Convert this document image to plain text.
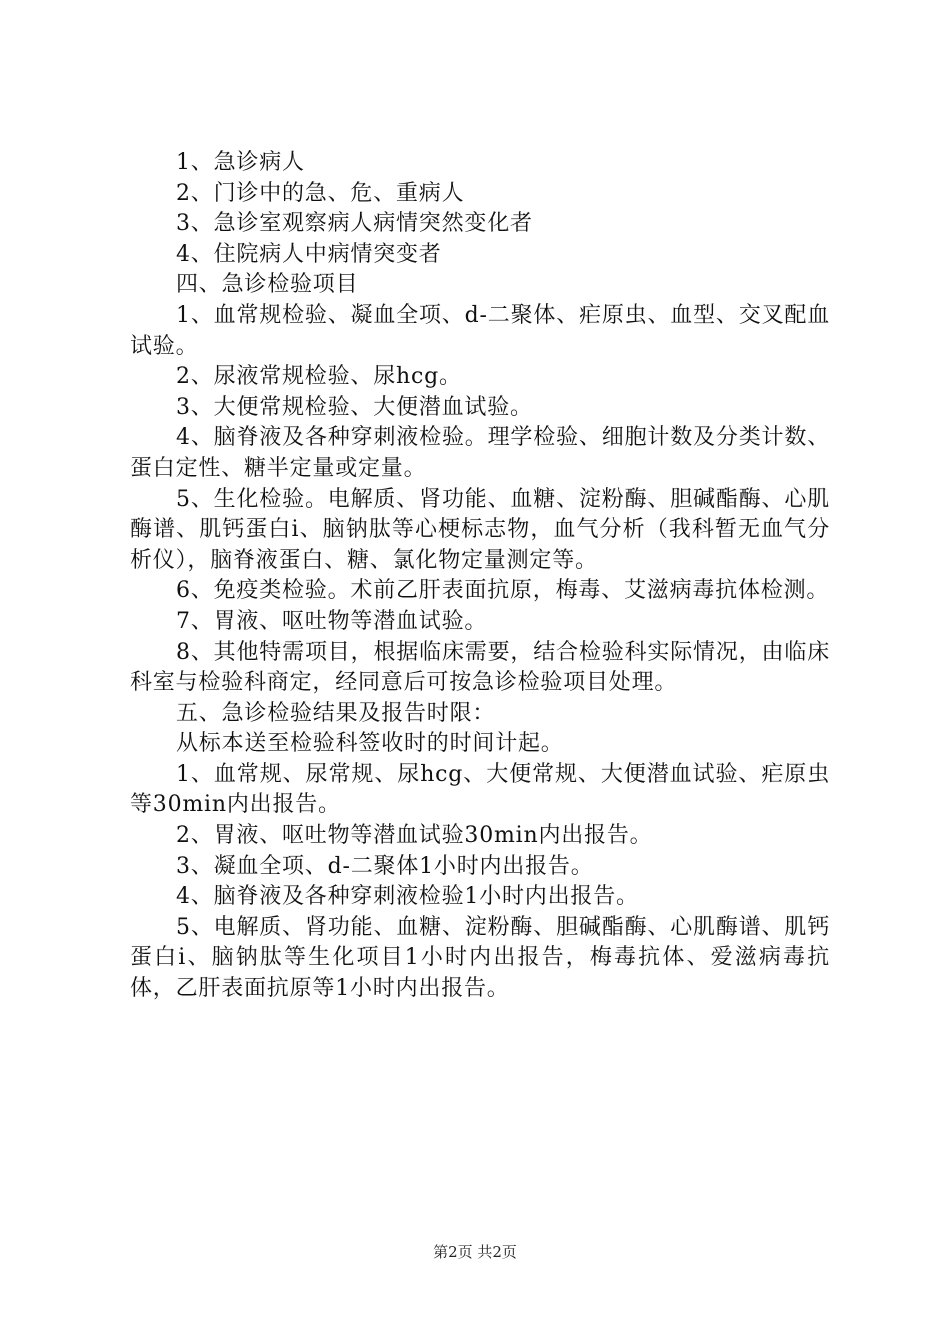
1、急诊病人

2、门诊中的急、危、重病人

3、急诊室观察病人病情突然变化者

4、住院病人中病情突变者

四、急诊检验项目

1、血常规检验、凝血全项、d-二聚体、疟原虫、血型、交叉配血试验。

2、尿液常规检验、尿hcg。

3、大便常规检验、大便潜血试验。

4、脑脊液及各种穿刺液检验。理学检验、细胞计数及分类计数、蛋白定性、糖半定量或定量。

5、生化检验。电解质、肾功能、血糖、淀粉酶、胆碱酯酶、心肌酶谱、肌钙蛋白i、脑钠肽等心梗标志物，血气分析（我科暂无血气分析仪），脑脊液蛋白、糖、氯化物定量测定等。

6、免疫类检验。术前乙肝表面抗原，梅毒、艾滋病毒抗体检测。

7、胃液、呕吐物等潜血试验。

8、其他特需项目，根据临床需要，结合检验科实际情况，由临床科室与检验科商定，经同意后可按急诊检验项目处理。

五、急诊检验结果及报告时限：

从标本送至检验科签收时的时间计起。

1、血常规、尿常规、尿hcg、大便常规、大便潜血试验、疟原虫等30min内出报告。

2、胃液、呕吐物等潜血试验30min内出报告。

3、凝血全项、d-二聚体1小时内出报告。

4、脑脊液及各种穿刺液检验1小时内出报告。

5、电解质、肾功能、血糖、淀粉酶、胆碱酯酶、心肌酶谱、肌钙蛋白i、脑钠肽等生化项目1小时内出报告，梅毒抗体、爱滋病毒抗体，乙肝表面抗原等1小时内出报告。

第2页 共2页
